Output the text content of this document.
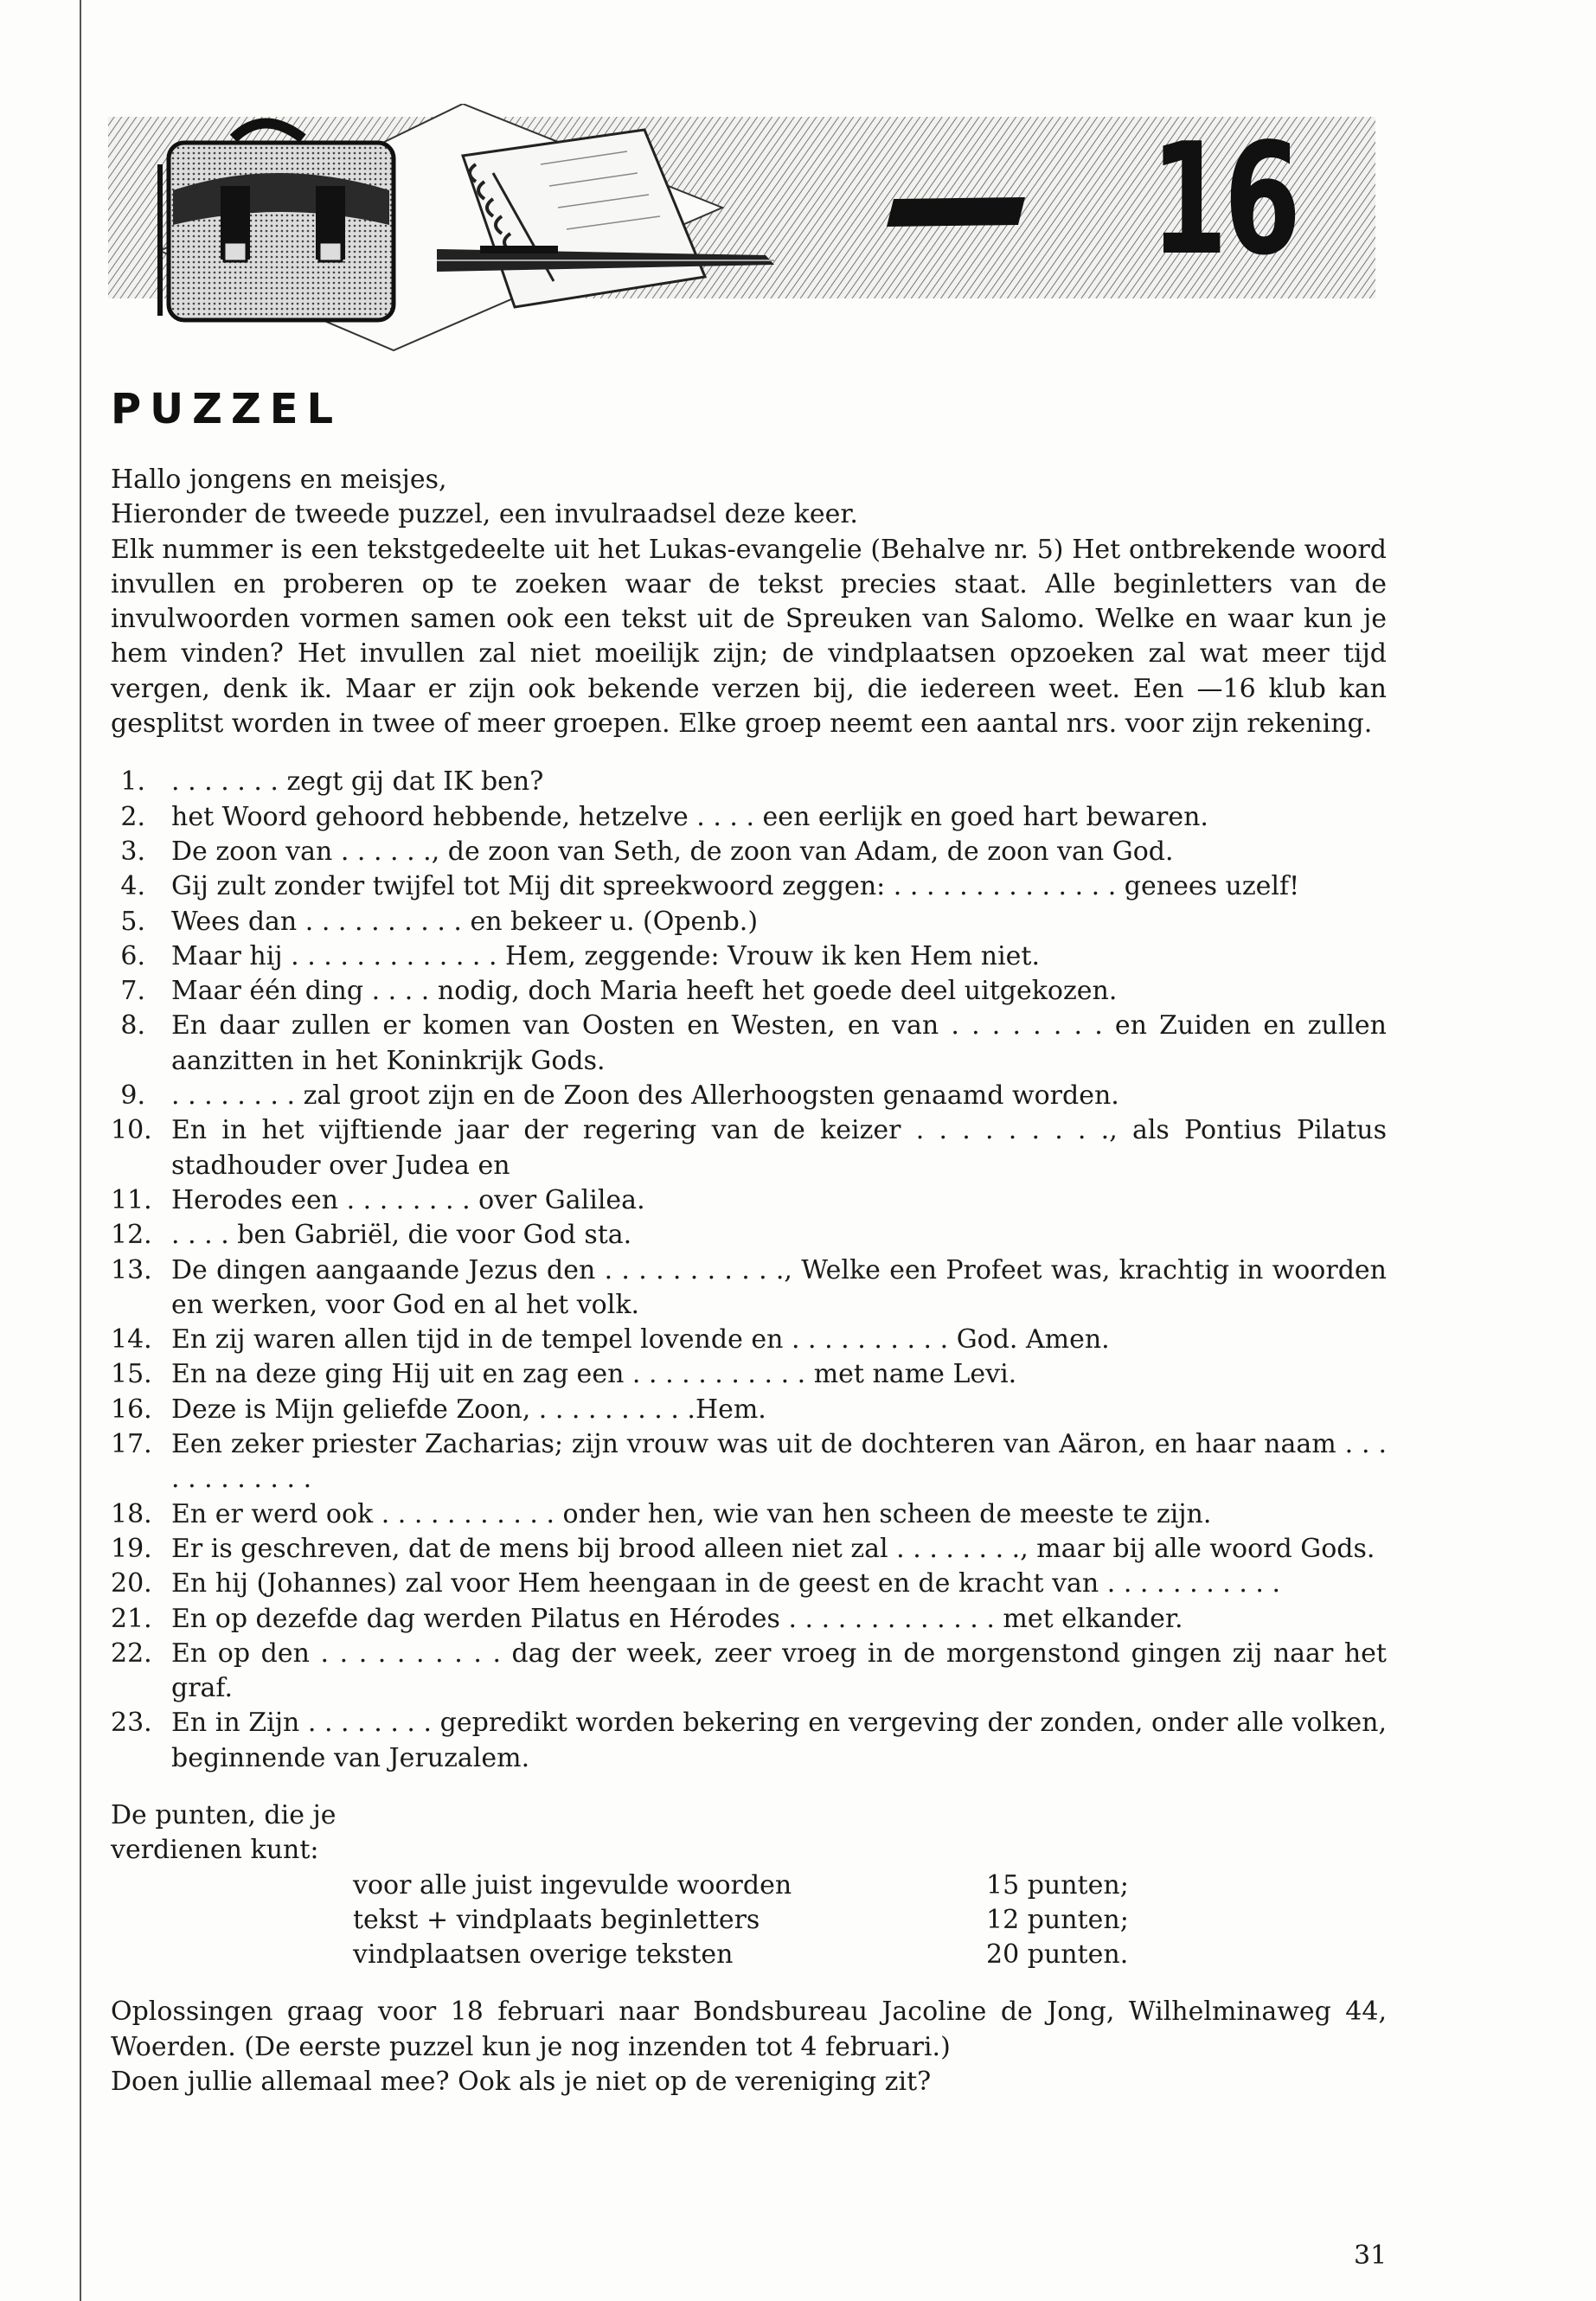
16
PUZZEL

Hallo jongens en meisjes,

Hieronder de tweede puzzel, een invulraadsel deze keer.

Elk nummer is een tekstgedeelte uit het Lukas-evangelie (Behalve nr. 5) Het ontbrekende woord invullen en proberen op te zoeken waar de tekst precies staat. Alle beginletters van de invulwoorden vormen samen ook een tekst uit de Spreuken van Salomo. Welke en waar kun je hem vinden? Het invullen zal niet moeilijk zijn; de vindplaatsen opzoeken zal wat meer tijd vergen, denk ik. Maar er zijn ook bekende verzen bij, die iedereen weet. Een —16 klub kan gesplitst worden in twee of meer groepen. Elke groep neemt een aantal nrs. voor zijn rekening.

1. . . . . . . . zegt gij dat IK ben?
2. het Woord gehoord hebbende, hetzelve . . . . een eerlijk en goed hart bewaren.
3. De zoon van . . . . . ., de zoon van Seth, de zoon van Adam, de zoon van God.
4. Gij zult zonder twijfel tot Mij dit spreekwoord zeggen: . . . . . . . . . . . . . . genees uzelf!
5. Wees dan . . . . . . . . . . en bekeer u. (Openb.)
6. Maar hij . . . . . . . . . . . . . Hem, zeggende: Vrouw ik ken Hem niet.
7. Maar één ding . . . . nodig, doch Maria heeft het goede deel uitgekozen.
8. En daar zullen er komen van Oosten en Westen, en van . . . . . . . . en Zuiden en zullen aanzitten in het Koninkrijk Gods.
9. . . . . . . . . zal groot zijn en de Zoon des Allerhoogsten genaamd worden.
10. En in het vijftiende jaar der regering van de keizer . . . . . . . . ., als Pontius Pilatus stadhouder over Judea en
11. Herodes een . . . . . . . . over Galilea.
12. . . . . ben Gabriël, die voor God sta.
13. De dingen aangaande Jezus den . . . . . . . . . . ., Welke een Profeet was, krachtig in woorden en werken, voor God en al het volk.
14. En zij waren allen tijd in de tempel lovende en . . . . . . . . . . God. Amen.
15. En na deze ging Hij uit en zag een . . . . . . . . . . . met name Levi.
16. Deze is Mijn geliefde Zoon, . . . . . . . . . .Hem.
17. Een zeker priester Zacharias; zijn vrouw was uit de dochteren van Aäron, en haar naam . . . . . . . . . . . .
18. En er werd ook . . . . . . . . . . . onder hen, wie van hen scheen de meeste te zijn.
19. Er is geschreven, dat de mens bij brood alleen niet zal . . . . . . . ., maar bij alle woord Gods.
20. En hij (Johannes) zal voor Hem heengaan in de geest en de kracht van . . . . . . . . . . .
21. En op dezefde dag werden Pilatus en Hérodes . . . . . . . . . . . . . met elkander.
22. En op den . . . . . . . . . . dag der week, zeer vroeg in de morgenstond gingen zij naar het graf.
23. En in Zijn . . . . . . . . gepredikt worden bekering en vergeving der zonden, onder alle volken, beginnende van Jeruzalem.
De punten, die je verdienen kunt:
voor alle juist ingevulde woorden	15 punten;
tekst + vindplaats beginletters	12 punten;
vindplaatsen overige teksten	20 punten.

Oplossingen graag voor 18 februari naar Bondsbureau Jacoline de Jong, Wilhelminaweg 44, Woerden. (De eerste puzzel kun je nog inzenden tot 4 februari.)

Doen jullie allemaal mee? Ook als je niet op de vereniging zit?

31
